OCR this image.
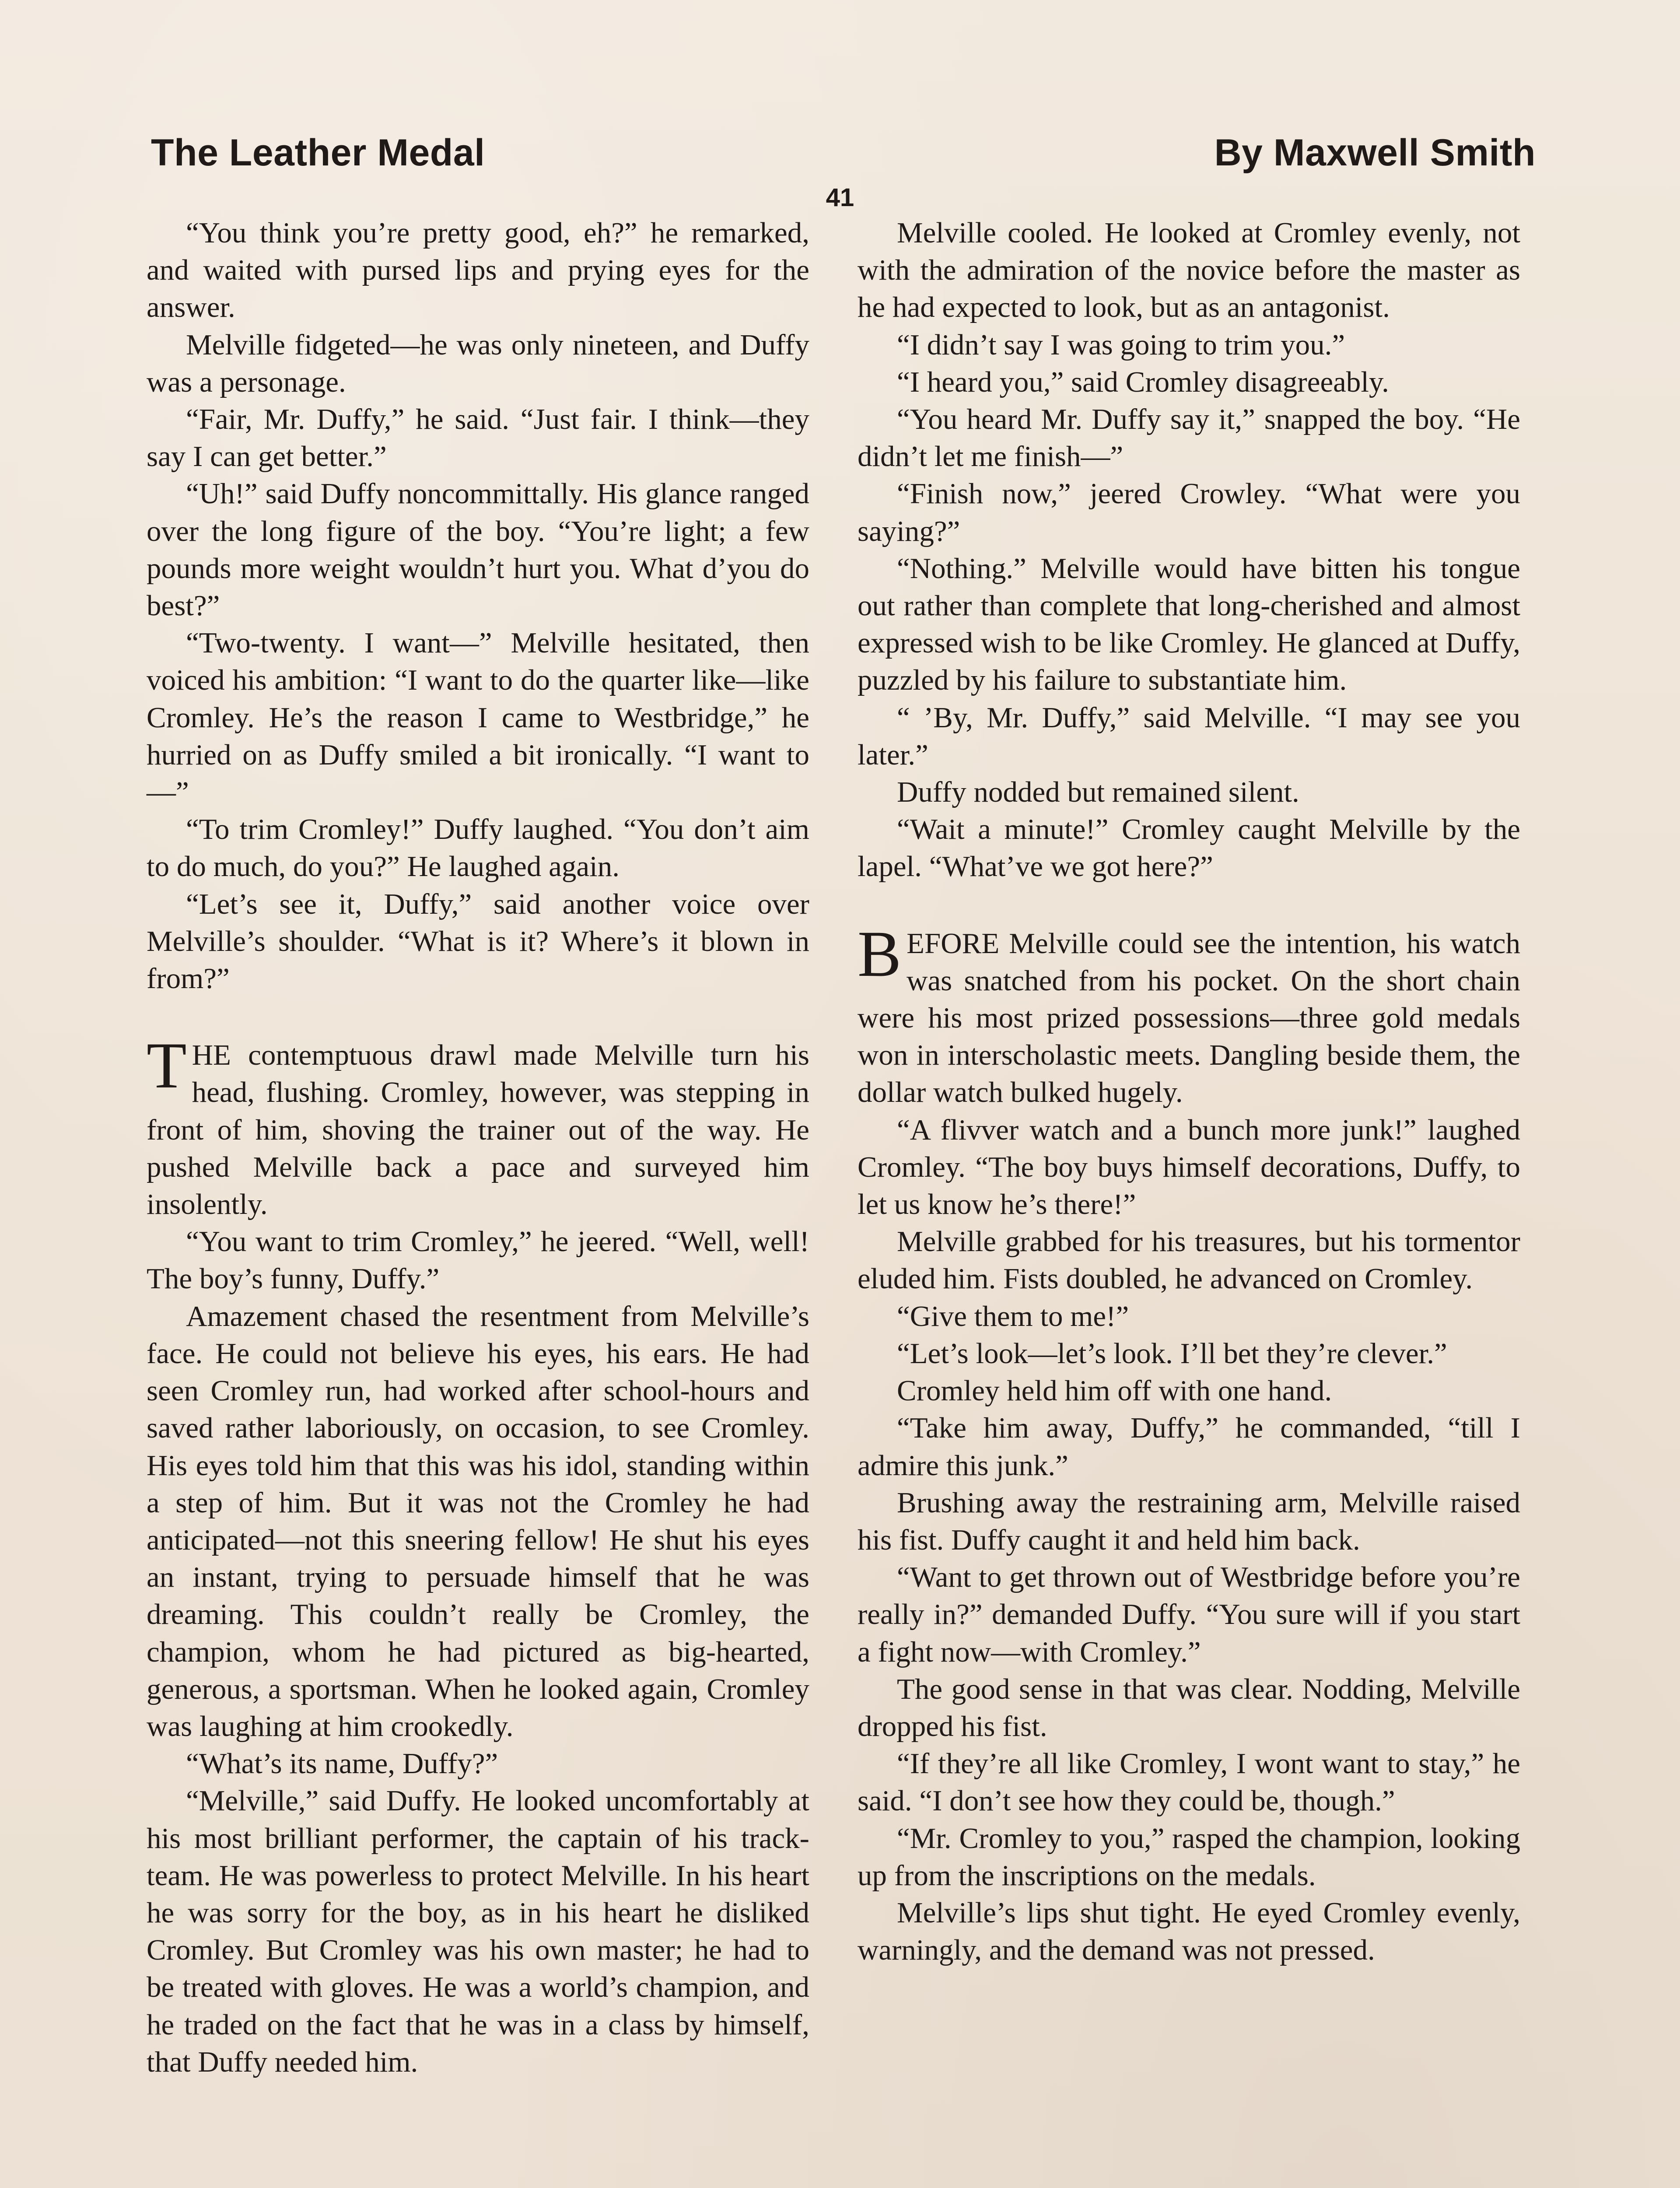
The Leather Medal	By Maxwell Smith
41

“You think you’re pretty good, eh?” he remarked, and waited with pursed lips and prying eyes for the answer.

Melville fidgeted—he was only nineteen, and Duffy was a personage.

“Fair, Mr. Duffy,” he said. “Just fair. I think—they say I can get better.”

“Uh!” said Duffy noncommittally. His glance ranged over the long figure of the boy. “You’re light; a few pounds more weight wouldn’t hurt you. What d’you do best?”

“Two-twenty. I want—” Melville hesitated, then voiced his ambition: “I want to do the quarter like—like Cromley. He’s the reason I came to Westbridge,” he hurried on as Duffy smiled a bit ironically. “I want to—”

“To trim Cromley!” Duffy laughed. “You don’t aim to do much, do you?” He laughed again.

“Let’s see it, Duffy,” said another voice over Melville’s shoulder. “What is it? Where’s it blown in from?”

T HE contemptuous drawl made Melville turn his head, flushing. Cromley, however, was stepping in front of him, shoving the trainer out of the way. He pushed Melville back a pace and surveyed him insolently.

“You want to trim Cromley,” he jeered. “Well, well! The boy’s funny, Duffy.”

Amazement chased the resentment from Melville’s face. He could not believe his eyes, his ears. He had seen Cromley run, had worked after school-hours and saved rather laboriously, on occasion, to see Cromley. His eyes told him that this was his idol, standing within a step of him. But it was not the Cromley he had anticipated—not this sneering fellow! He shut his eyes an instant, trying to persuade himself that he was dreaming. This couldn’t really be Cromley, the champion, whom he had pictured as big-hearted, generous, a sportsman. When he looked again, Cromley was laughing at him crookedly.

“What’s its name, Duffy?”

“Melville,” said Duffy. He looked uncomfortably at his most brilliant performer, the captain of his track-team. He was powerless to protect Melville. In his heart he was sorry for the boy, as in his heart he disliked Cromley. But Cromley was his own master; he had to be treated with gloves. He was a world’s champion, and he traded on the fact that he was in a class by himself, that Duffy needed him.

Melville cooled. He looked at Cromley evenly, not with the admiration of the novice before the master as he had expected to look, but as an antagonist.

“I didn’t say I was going to trim you.”

“I heard you,” said Cromley disagreeably.

“You heard Mr. Duffy say it,” snapped the boy. “He didn’t let me finish—”

“Finish now,” jeered Crowley. “What were you saying?”

“Nothing.” Melville would have bitten his tongue out rather than complete that long-cherished and almost expressed wish to be like Cromley. He glanced at Duffy, puzzled by his failure to substantiate him.

“ ’By, Mr. Duffy,” said Melville. “I may see you later.”

Duffy nodded but remained silent.

“Wait a minute!” Cromley caught Melville by the lapel. “What’ve we got here?”

B EFORE Melville could see the intention, his watch was snatched from his pocket. On the short chain were his most prized possessions—three gold medals won in interscholastic meets. Dangling beside them, the dollar watch bulked hugely.

“A flivver watch and a bunch more junk!” laughed Cromley. “The boy buys himself decorations, Duffy, to let us know he’s there!”

Melville grabbed for his treasures, but his tormentor eluded him. Fists doubled, he advanced on Cromley.

“Give them to me!”

“Let’s look—let’s look. I’ll bet they’re clever.”

Cromley held him off with one hand.

“Take him away, Duffy,” he commanded, “till I admire this junk.”

Brushing away the restraining arm, Melville raised his fist. Duffy caught it and held him back.

“Want to get thrown out of Westbridge before you’re really in?” demanded Duffy. “You sure will if you start a fight now—with Cromley.”

The good sense in that was clear. Nodding, Melville dropped his fist.

“If they’re all like Cromley, I wont want to stay,” he said. “I don’t see how they could be, though.”

“Mr. Cromley to you,” rasped the champion, looking up from the inscriptions on the medals.

Melville’s lips shut tight. He eyed Cromley evenly, warningly, and the demand was not pressed.
